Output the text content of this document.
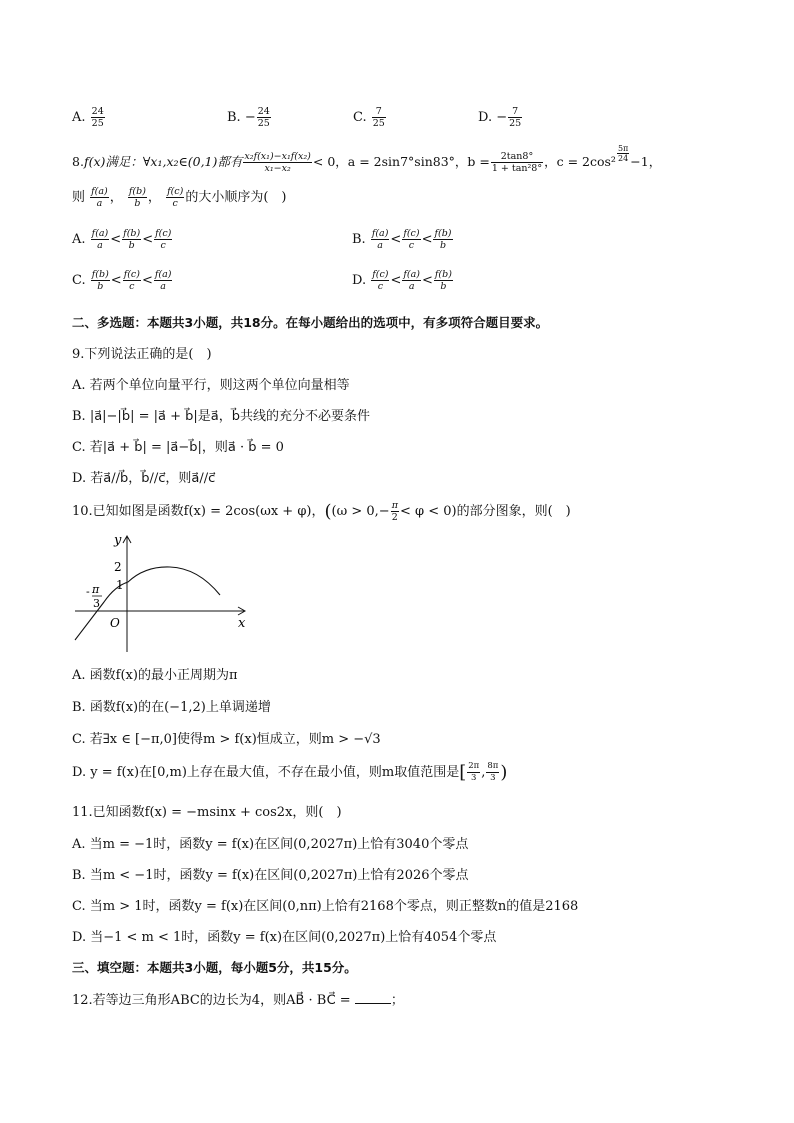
A. $\frac{24}{25}$	B. − $\frac{24}{25}$	C. $\frac{7}{25}$	D. − $\frac{7}{25}$
8.f(x)满足：∀x₁,x₂∈(0,1)都有 $\frac{\text{x₂f(x₁)−x₁f(x₂)}}{\text{x₁−x₂}} < 0$，a = 2sin7°sin83°，$b = \frac{2\tan 8^\circ}{\text{1 + tan²8°}}$ ，$c = 2\cos^2 \frac{5\pi}{24} -1$，
则 $\frac{f(a)}{a}$ ， $\frac{f(b)}{b}$ ， $\frac{f(c)}{c}$ 的大小顺序为(　)
A. $\frac{f(a)}{a} < \frac{f(b)}{b} < \frac{f(c)}{c}$	B. $\frac{f(a)}{a} < \frac{f(c)}{c} < \frac{f(b)}{b}$
C. $\frac{f(b)}{b} < \frac{f(c)}{c} < \frac{f(a)}{a}$	D. $\frac{f(c)}{c} < \frac{f(a)}{a} < \frac{f(b)}{b}$
二、多选题：本题共3小题，共18分。在每小题给出的选项中，有多项符合题目要求。
9.下列说法正确的是(　)
A. 若两个单位向量平行，则这两个单位向量相等
B. |a⃗|−|b⃗| = |a⃗ + b⃗|是a⃗，b⃗共线的充分不必要条件
C. 若|a⃗ + b⃗| = |a⃗−b⃗|，则a⃗ · b⃗ = 0
D. 若a⃗//b⃗，b⃗//c⃗，则a⃗//c⃗
10.已知如图是函数f(x) = 2cos(ωx + φ)，($(\omega > 0,- \frac{\pi}{2} < \varphi < 0)$的部分图象，则(　)
y
x
O
2
1
- π
3
A. 函数f(x)的最小正周期为π
B. 函数f(x)的在(−1,2)上单调递增
C. 若∃x ∈ [−π,0]使得m > f(x)恒成立，则m > −√3
D. y = f(x)在[0,m)上存在最大值，不存在最小值，则m取值范围是[ $\frac{2\pi}{3}$ , $\frac{8\pi}{3}$ )
11.已知函数f(x) = −msinx + cos2x，则(　)
A. 当m = −1时，函数y = f(x)在区间(0,2027π)上恰有3040个零点
B. 当m < −1时，函数y = f(x)在区间(0,2027π)上恰有2026个零点
C. 当m > 1时，函数y = f(x)在区间(0,nπ)上恰有2168个零点，则正整数n的值是2168
D. 当−1 < m < 1时，函数y = f(x)在区间(0,2027π)上恰有4054个零点
三、填空题：本题共3小题，每小题5分，共15分。
12.若等边三角形ABC的边长为4，则AB⃗ · BC⃗ =	；
